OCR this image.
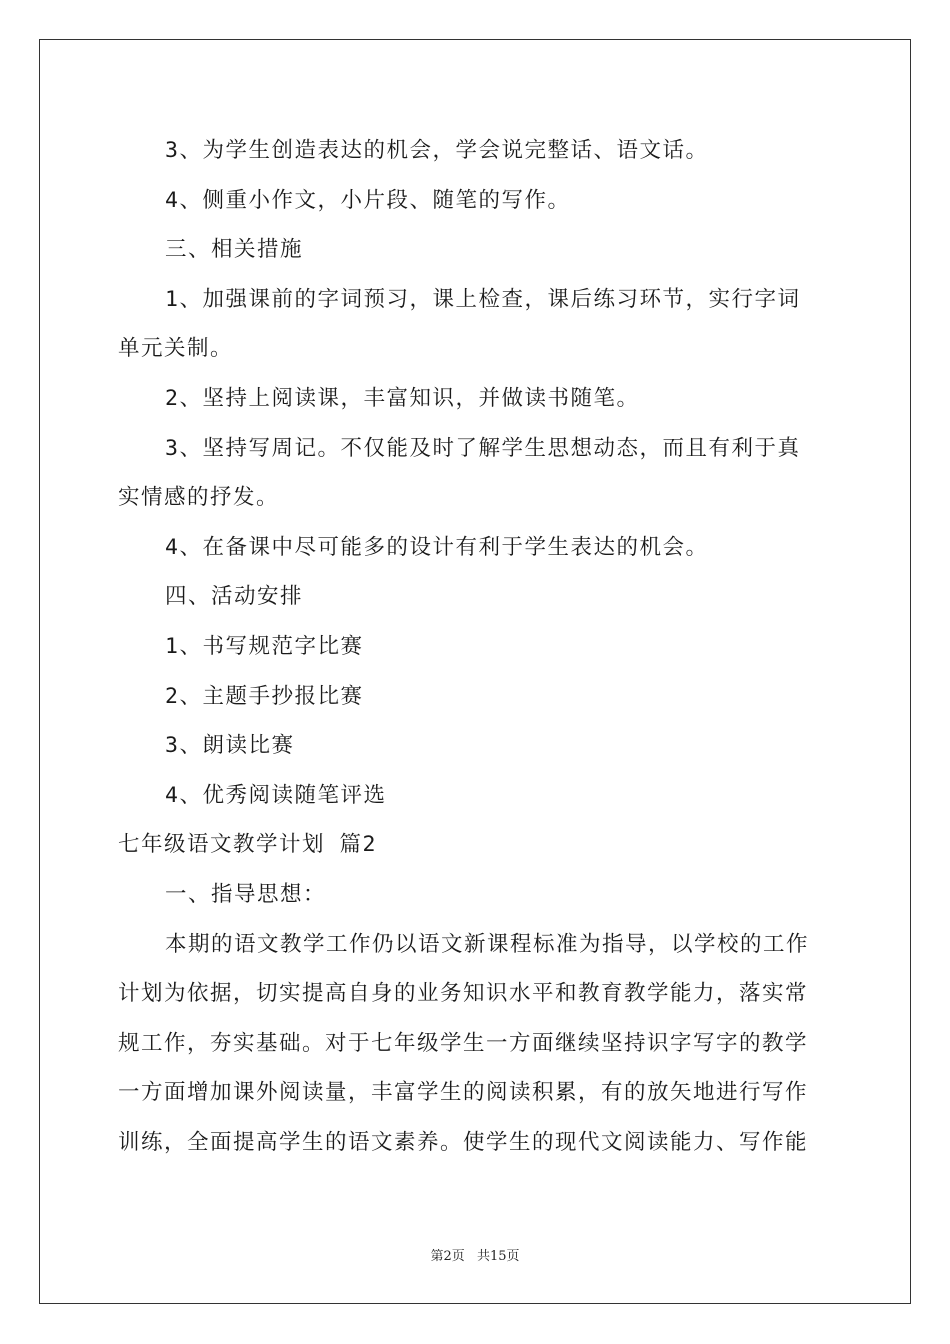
3、为学生创造表达的机会，学会说完整话、语文话。
4、侧重小作文，小片段、随笔的写作。
三、相关措施
1、加强课前的字词预习，课上检查，课后练习环节，实行字词
单元关制。
2、坚持上阅读课，丰富知识，并做读书随笔。
3、坚持写周记。不仅能及时了解学生思想动态，而且有利于真
实情感的抒发。
4、在备课中尽可能多的设计有利于学生表达的机会。
四、活动安排
1、书写规范字比赛
2、主题手抄报比赛
3、朗读比赛
4、优秀阅读随笔评选
七年级语文教学计划 篇2
一、指导思想：
本期的语文教学工作仍以语文新课程标准为指导，以学校的工作
计划为依据，切实提高自身的业务知识水平和教育教学能力，落实常
规工作，夯实基础。对于七年级学生一方面继续坚持识字写字的教学
一方面增加课外阅读量，丰富学生的阅读积累，有的放矢地进行写作
训练，全面提高学生的语文素养。使学生的现代文阅读能力、写作能
第2页 共15页
